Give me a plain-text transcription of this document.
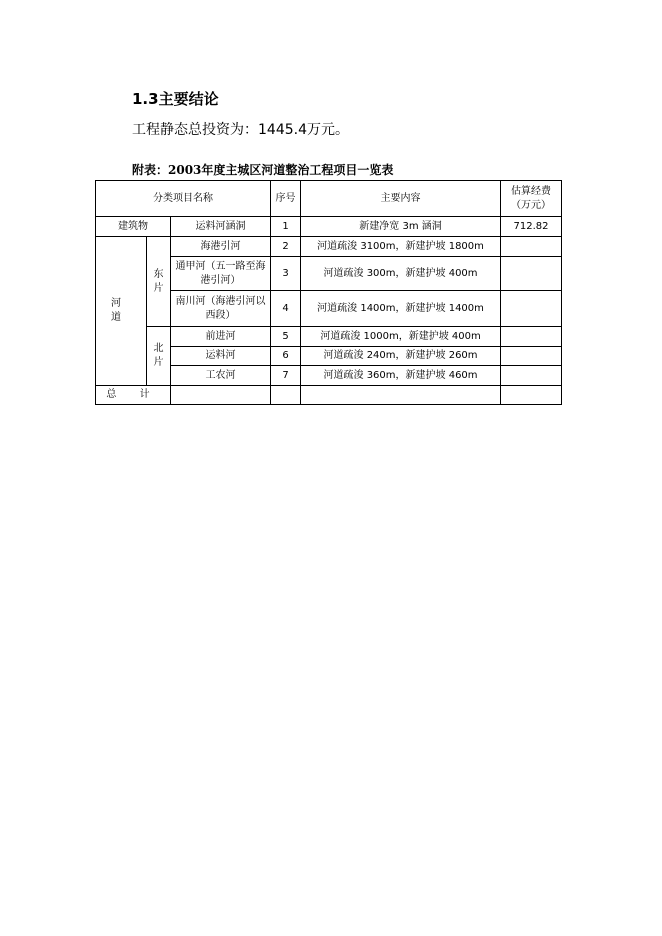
1.3主要结论
工程静态总投资为：1445.4万元。
附表：2003年度主城区河道整治工程项目一览表
分类项目名称			序号	主要内容	估算经费（万元）
建筑物		运料河涵洞	1	新建净宽 3m 涵洞	712.82
河 道	东片	海港引河	2	河道疏浚 3100m，新建护坡 1800m	
		通甲河（五一路至海港引河）	3	河道疏浚 300m，新建护坡 400m	
		南川河（海港引河以西段）	4	河道疏浚 1400m，新建护坡 1400m	
	北片	前进河	5	河道疏浚 1000m，新建护坡 400m	
		运料河	6	河道疏浚 240m，新建护坡 260m	
		工农河	7	河道疏浚 360m，新建护坡 460m	
总 计					
